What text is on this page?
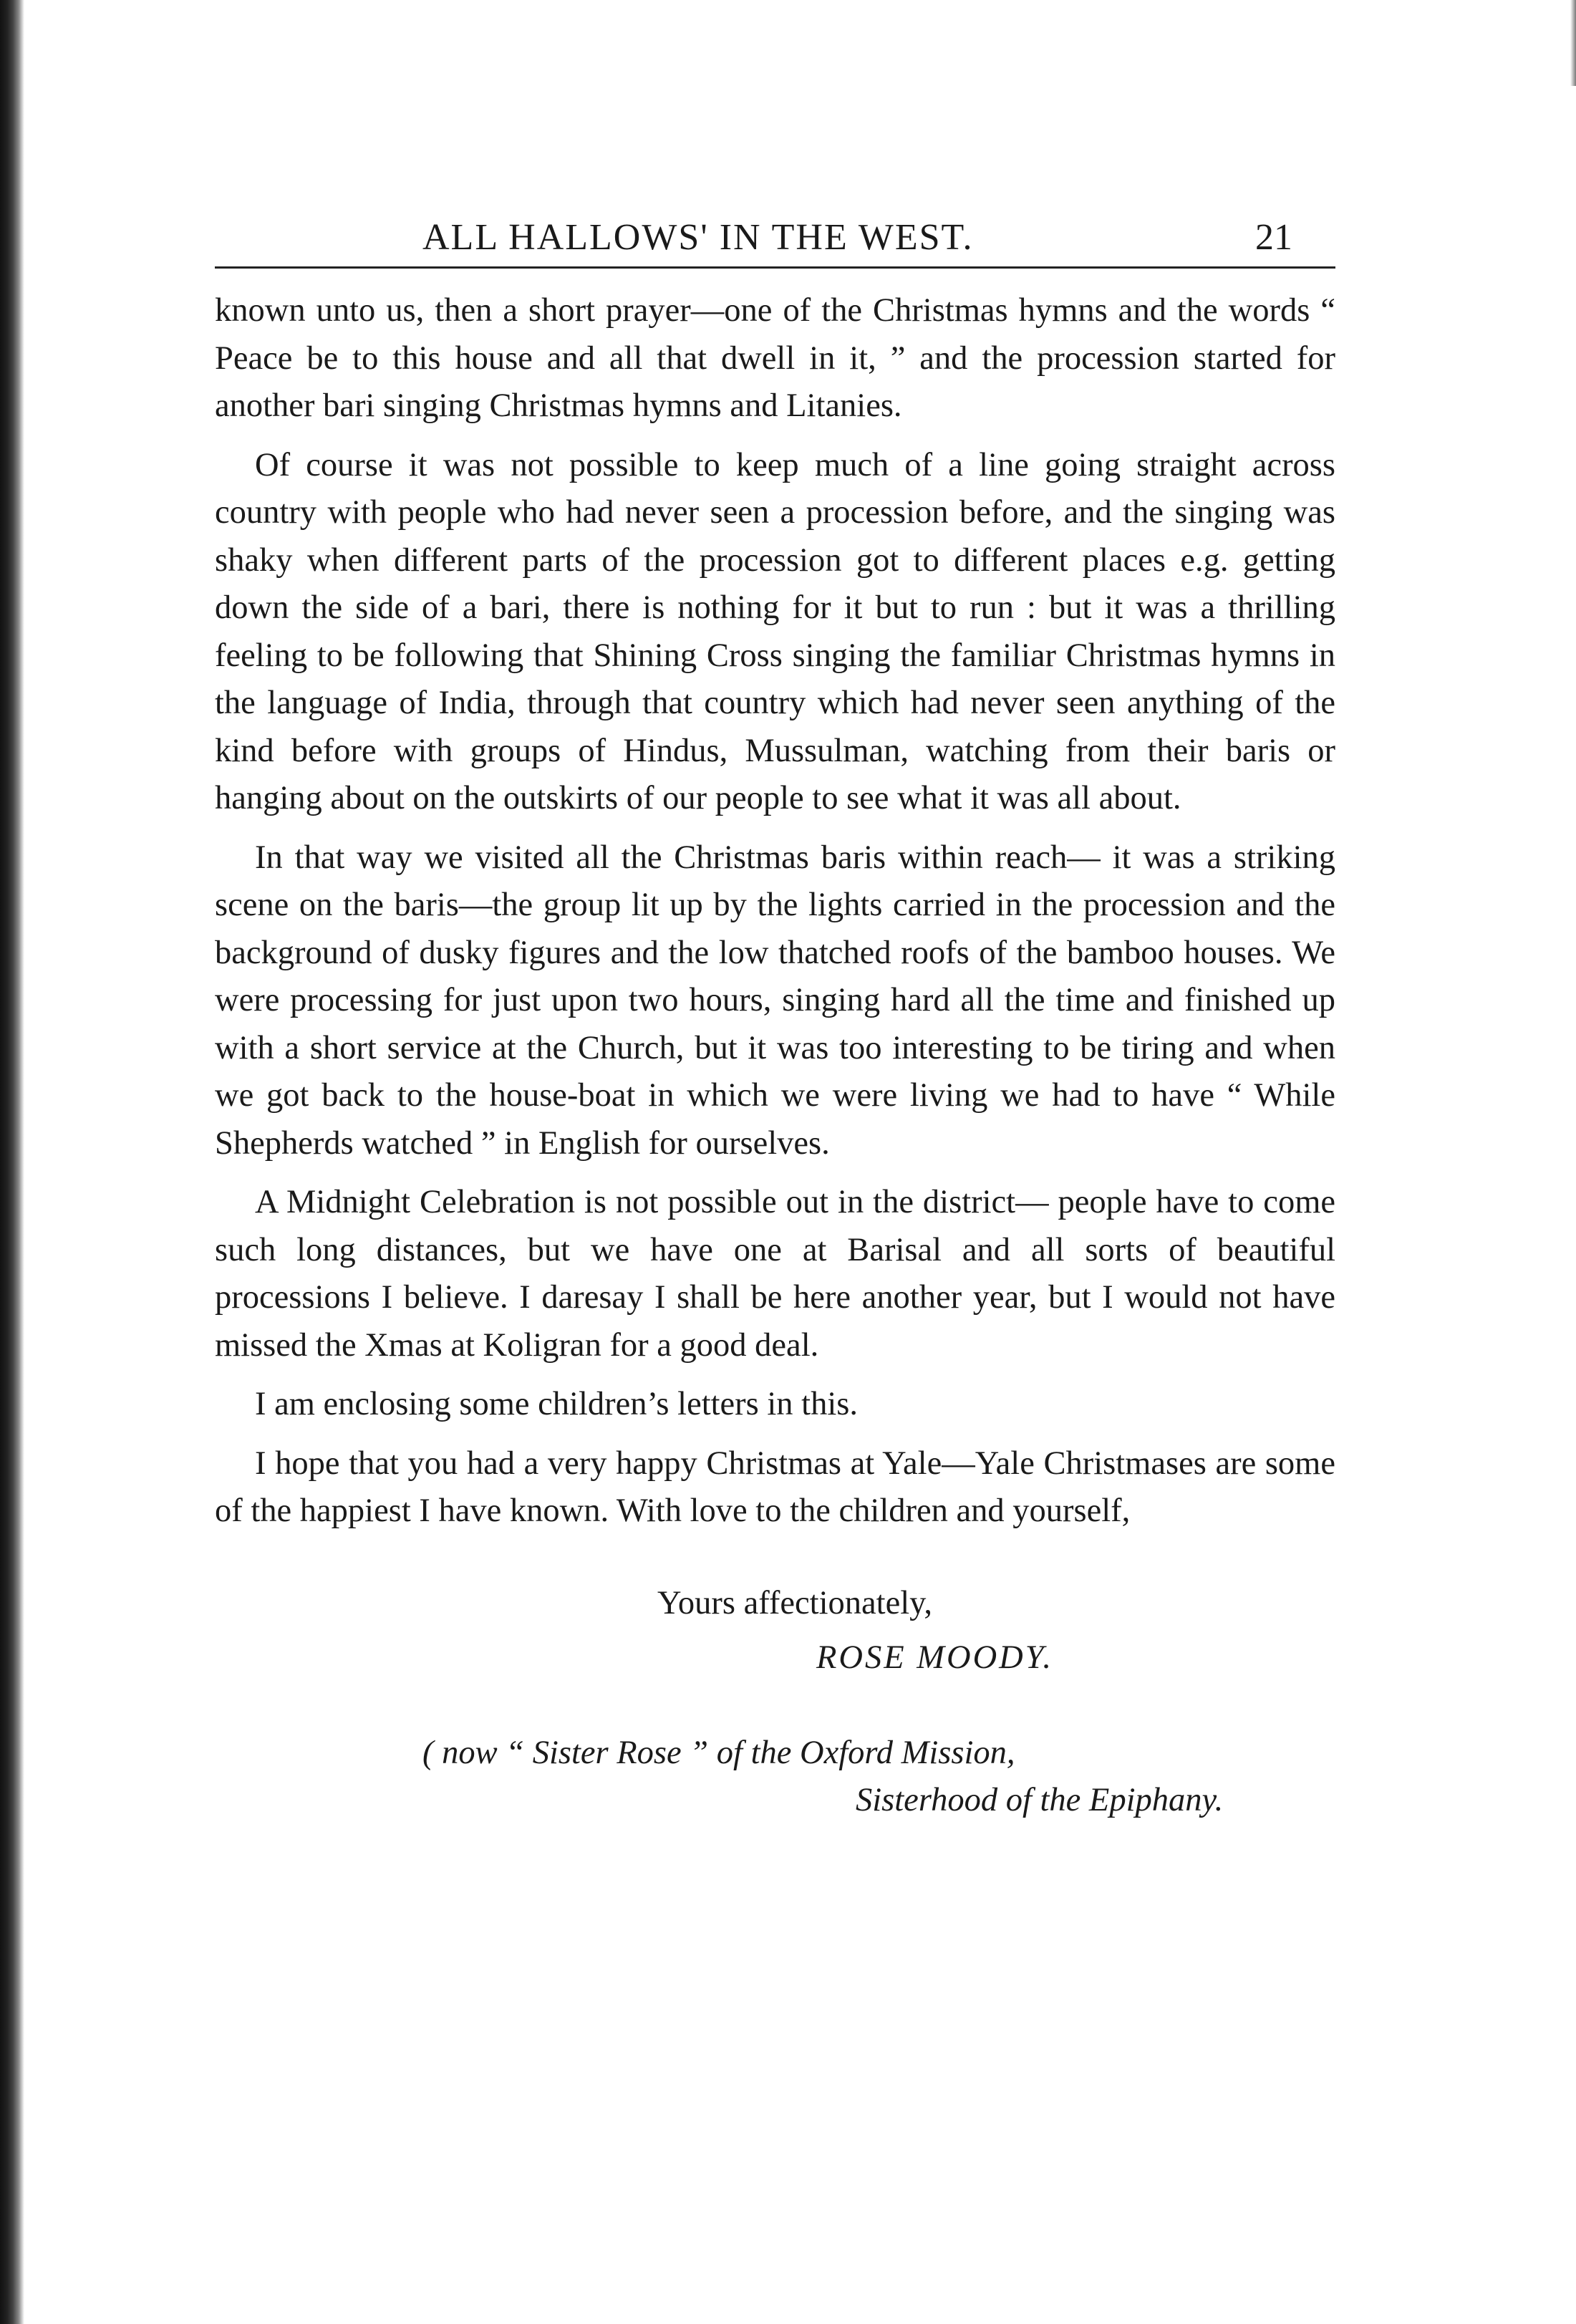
ALL HALLOWS' IN THE WEST.	21

known unto us, then a short prayer—one of the Christmas hymns and the words “ Peace be to this house and all that dwell in it, ” and the procession started for another bari singing Christmas hymns and Litanies.

Of course it was not possible to keep much of a line going straight across country with people who had never seen a procession before, and the singing was shaky when different parts of the procession got to different places e.g. getting down the side of a bari, there is nothing for it but to run : but it was a thrilling feeling to be following that Shining Cross singing the familiar Christmas hymns in the language of India, through that country which had never seen anything of the kind before with groups of Hindus, Mussulman, watching from their baris or hanging about on the outskirts of our people to see what it was all about.

In that way we visited all the Christmas baris within reach— it was a striking scene on the baris—the group lit up by the lights carried in the procession and the background of dusky figures and the low thatched roofs of the bamboo houses. We were processing for just upon two hours, singing hard all the time and finished up with a short service at the Church, but it was too interesting to be tiring and when we got back to the house-boat in which we were living we had to have “ While Shepherds watched ” in English for ourselves.

A Midnight Celebration is not possible out in the district— people have to come such long distances, but we have one at Barisal and all sorts of beautiful processions I believe. I daresay I shall be here another year, but I would not have missed the Xmas at Koligran for a good deal.

I am enclosing some children’s letters in this.

I hope that you had a very happy Christmas at Yale—Yale Christmases are some of the happiest I have known. With love to the children and yourself,

Yours affectionately,
ROSE MOODY.
( now “ Sister Rose ” of the Oxford Mission,
Sisterhood of the Epiphany.
